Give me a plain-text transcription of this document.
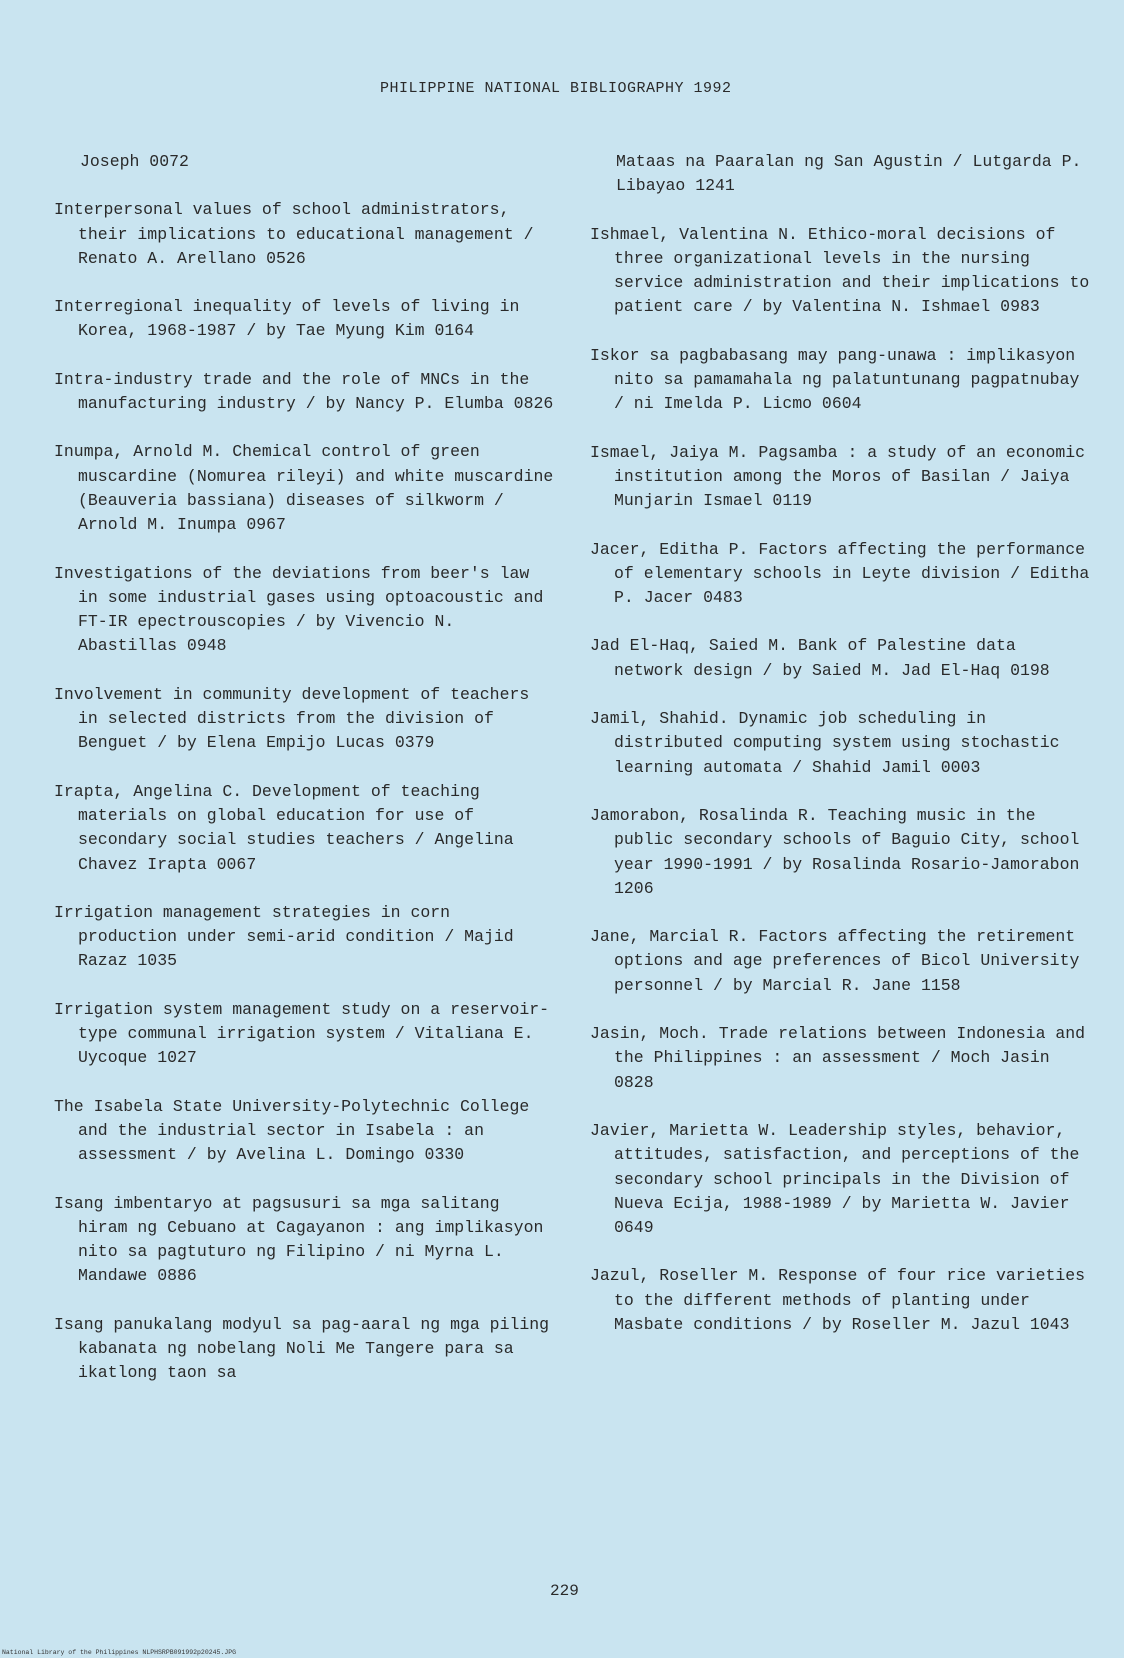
PHILIPPINE NATIONAL BIBLIOGRAPHY 1992

Joseph 0072

Interpersonal values of school administrators, their implications to educational management / Renato A. Arellano 0526

Interregional inequality of levels of living in Korea, 1968-1987 / by Tae Myung Kim 0164

Intra-industry trade and the role of MNCs in the manufacturing industry / by Nancy P. Elumba 0826

Inumpa, Arnold M. Chemical control of green muscardine (Nomurea rileyi) and white muscardine (Beauveria bassiana) diseases of silkworm / Arnold M. Inumpa 0967

Investigations of the deviations from beer's law in some industrial gases using optoacoustic and FT-IR epectrouscopies / by Vivencio N. Abastillas 0948

Involvement in community development of teachers in selected districts from the division of Benguet / by Elena Empijo Lucas 0379

Irapta, Angelina C. Development of teaching materials on global education for use of secondary social studies teachers / Angelina Chavez Irapta 0067

Irrigation management strategies in corn production under semi-arid condition / Majid Razaz 1035

Irrigation system management study on a reservoir-type communal irrigation system / Vitaliana E. Uycoque 1027

The Isabela State University-Polytechnic College and the industrial sector in Isabela : an assessment / by Avelina L. Domingo 0330

Isang imbentaryo at pagsusuri sa mga salitang hiram ng Cebuano at Cagayanon : ang implikasyon nito sa pagtuturo ng Filipino / ni Myrna L. Mandawe 0886

Isang panukalang modyul sa pag-aaral ng mga piling kabanata ng nobelang Noli Me Tangere para sa ikatlong taon sa

Mataas na Paaralan ng San Agustin / Lutgarda P. Libayao 1241

Ishmael, Valentina N. Ethico-moral decisions of three organizational levels in the nursing service administration and their implications to patient care / by Valentina N. Ishmael 0983

Iskor sa pagbabasang may pang-unawa : implikasyon nito sa pamamahala ng palatuntunang pagpatnubay / ni Imelda P. Licmo 0604

Ismael, Jaiya M. Pagsamba : a study of an economic institution among the Moros of Basilan / Jaiya Munjarin Ismael 0119

Jacer, Editha P. Factors affecting the performance of elementary schools in Leyte division / Editha P. Jacer 0483

Jad El-Haq, Saied M. Bank of Palestine data network design / by Saied M. Jad El-Haq 0198

Jamil, Shahid. Dynamic job scheduling in distributed computing system using stochastic learning automata / Shahid Jamil 0003

Jamorabon, Rosalinda R. Teaching music in the public secondary schools of Baguio City, school year 1990-1991 / by Rosalinda Rosario-Jamorabon 1206

Jane, Marcial R. Factors affecting the retirement options and age preferences of Bicol University personnel / by Marcial R. Jane 1158

Jasin, Moch. Trade relations between Indonesia and the Philippines : an assessment / Moch Jasin 0828

Javier, Marietta W. Leadership styles, behavior, attitudes, satisfaction, and perceptions of the secondary school principals in the Division of Nueva Ecija, 1988-1989 / by Marietta W. Javier 0649

Jazul, Roseller M. Response of four rice varieties to the different methods of planting under Masbate conditions / by Roseller M. Jazul 1043

229
National Library of the Philippines NLPHSRPB091992p20245.JPG
